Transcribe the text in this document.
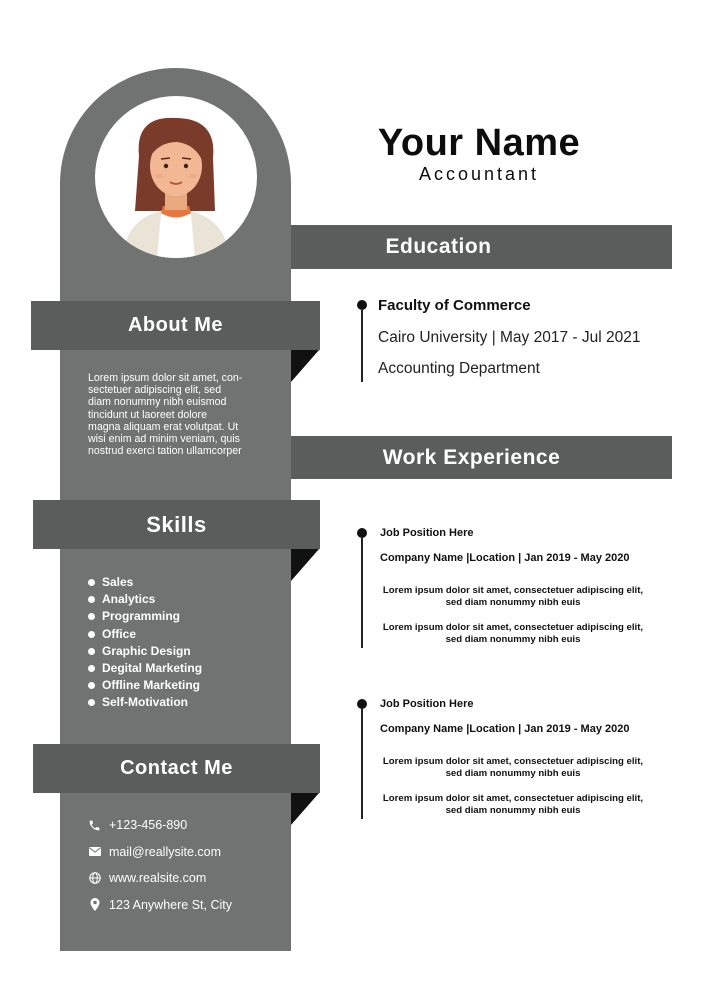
About Me
Lorem ipsum dolor sit amet, con-
sectetuer adipiscing elit, sed
diam nonummy nibh euismod
tincidunt ut laoreet dolore
magna aliquam erat volutpat. Ut
wisi enim ad minim veniam, quis
nostrud exerci tation ullamcorper
Skills
Sales
Analytics
Programming
Office
Graphic Design
Degital Marketing
Offline Marketing
Self-Motivation
Contact Me
+123-456-890
mail@reallysite.com
www.realsite.com
123 Anywhere St, City
Your Name
Accountant
Education
Faculty of Commerce
Cairo University | May 2017 - Jul 2021
Accounting Department
Work Experience
Job Position Here
Company Name |Location | Jan 2019 - May 2020
Lorem ipsum dolor sit amet, consectetuer adipiscing elit,
sed diam nonummy nibh euis
Lorem ipsum dolor sit amet, consectetuer adipiscing elit,
sed diam nonummy nibh euis
Job Position Here
Company Name |Location | Jan 2019 - May 2020
Lorem ipsum dolor sit amet, consectetuer adipiscing elit,
sed diam nonummy nibh euis
Lorem ipsum dolor sit amet, consectetuer adipiscing elit,
sed diam nonummy nibh euis
